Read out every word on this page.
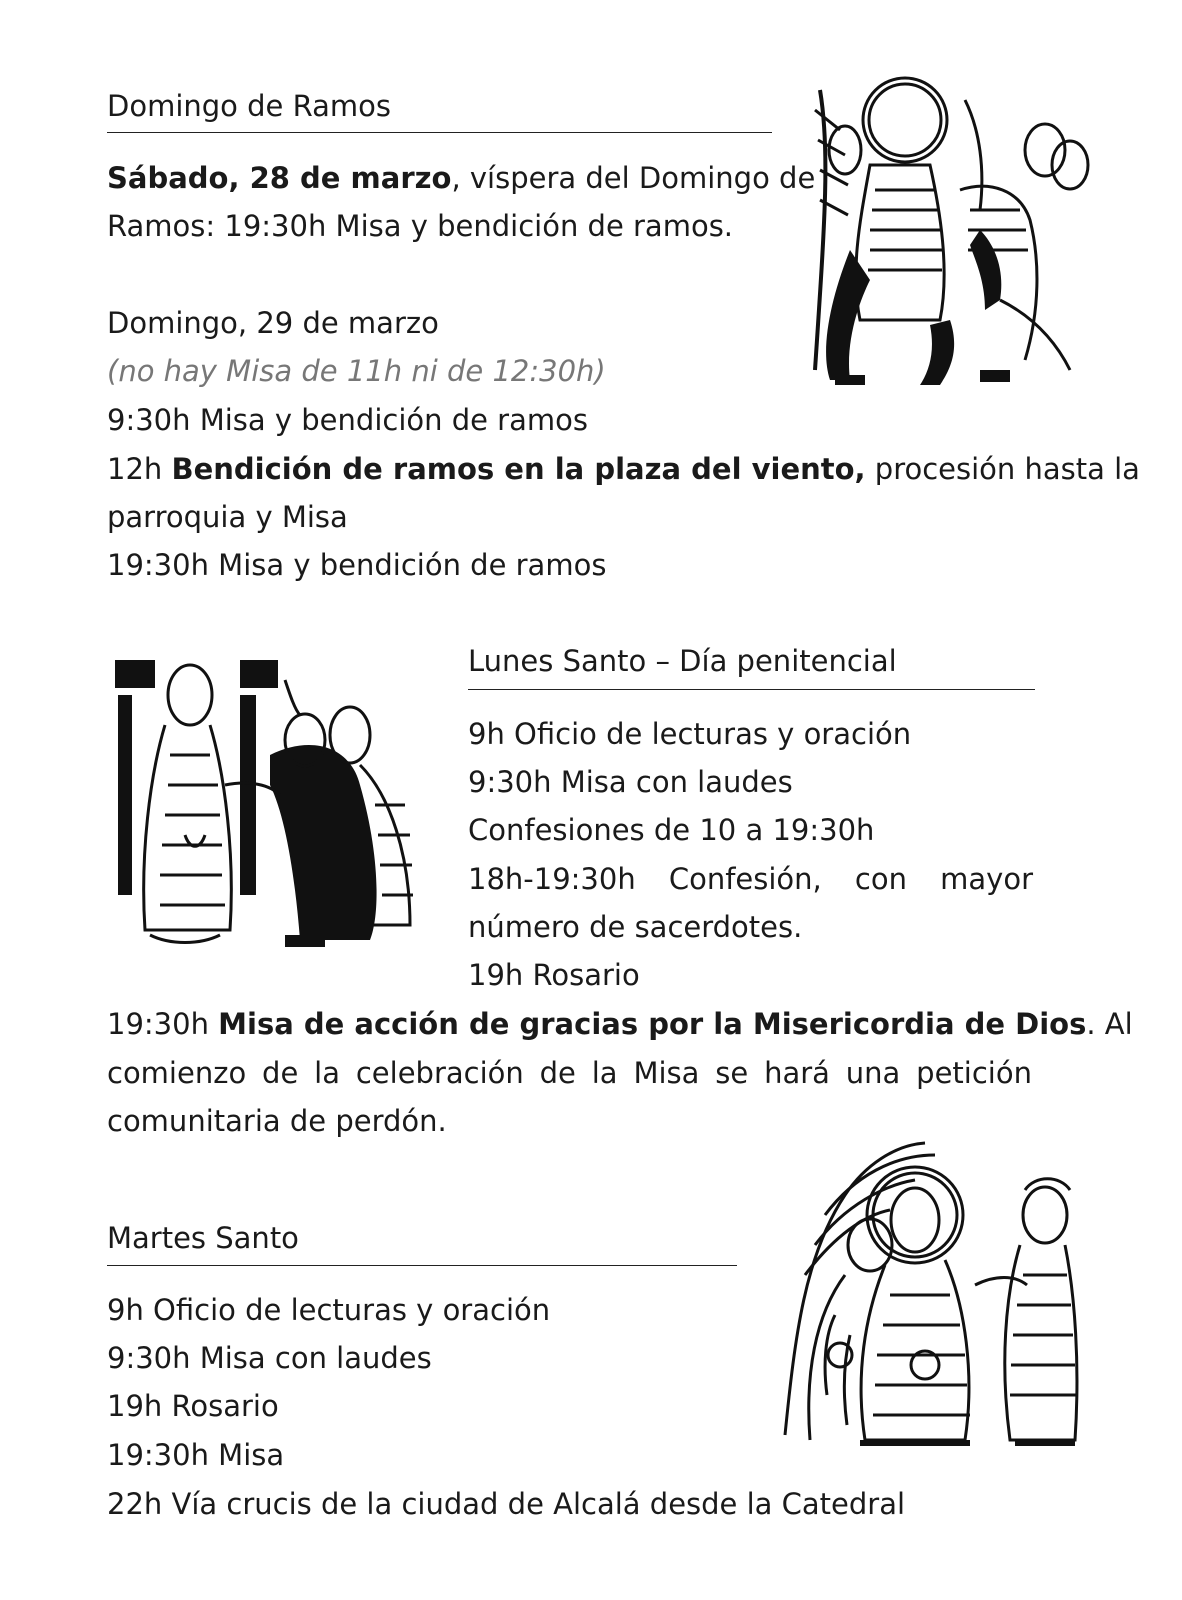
Domingo de Ramos
Sábado, 28 de marzo, víspera del Domingo de
Ramos: 19:30h Misa y bendición de ramos.
Domingo, 29 de marzo
(no hay Misa de 11h ni de 12:30h)
9:30h Misa y bendición de ramos
12h Bendición de ramos en la plaza del viento, procesión hasta la
parroquia y Misa
19:30h Misa y bendición de ramos
Lunes Santo – Día penitencial
9h Oficio de lecturas y oración
9:30h Misa con laudes
Confesiones de 10 a 19:30h
18h-19:30h Confesión, con mayor
número de sacerdotes.
19h Rosario
19:30h Misa de acción de gracias por la Misericordia de Dios. Al
comienzo de la celebración de la Misa se hará una petición
comunitaria de perdón.
Martes Santo
9h Oficio de lecturas y oración
9:30h Misa con laudes
19h Rosario
19:30h Misa
22h Vía crucis de la ciudad de Alcalá desde la Catedral
